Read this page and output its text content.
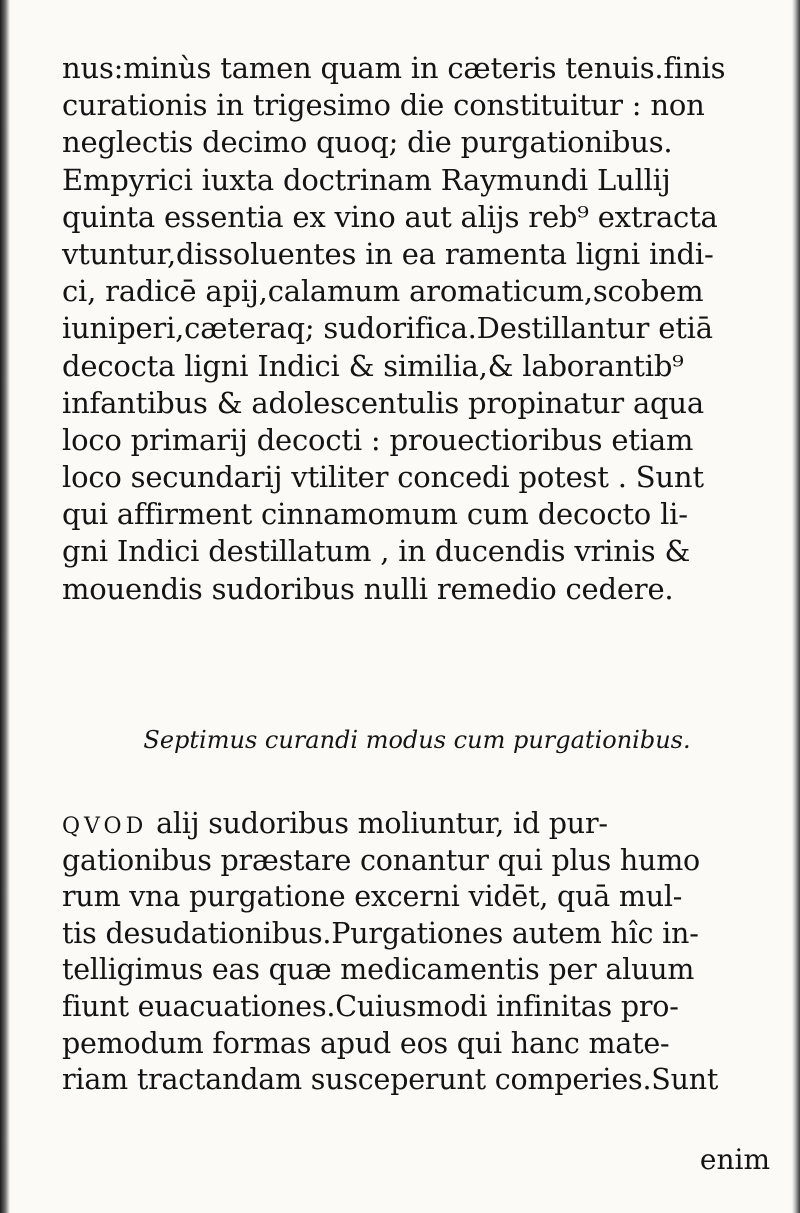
nus:minùs tamen quam in cæteris tenuis.finis
curationis in trigesimo die constituitur : non
neglectis decimo quoq; die purgationibus.
Empyrici iuxta doctrinam Raymundi Lullij
quinta essentia ex vino aut alijs reb⁹ extracta
vtuntur,dissoluentes in ea ramenta ligni indi-
ci, radicē apij,calamum aromaticum,scobem
iuniperi,cæteraq; sudorifica.Destillantur etiā
decocta ligni Indici & similia,& laborantib⁹
infantibus & adolescentulis propinatur aqua
loco primarij decocti : prouectioribus etiam
loco secundarij vtiliter concedi potest . Sunt
qui affirment cinnamomum cum decocto li-
gni Indici destillatum , in ducendis vrinis &
mouendis sudoribus nulli remedio cedere.
Septimus curandi modus cum purgationibus.
QVOD alij sudoribus moliuntur, id pur-
gationibus præstare conantur qui plus humo
rum vna purgatione excerni vidēt, quā mul-
tis desudationibus.Purgationes autem hîc in-
telligimus eas quæ medicamentis per aluum
fiunt euacuationes.Cuiusmodi infinitas pro-
pemodum formas apud eos qui hanc mate-
riam tractandam susceperunt comperies.Sunt
enim
